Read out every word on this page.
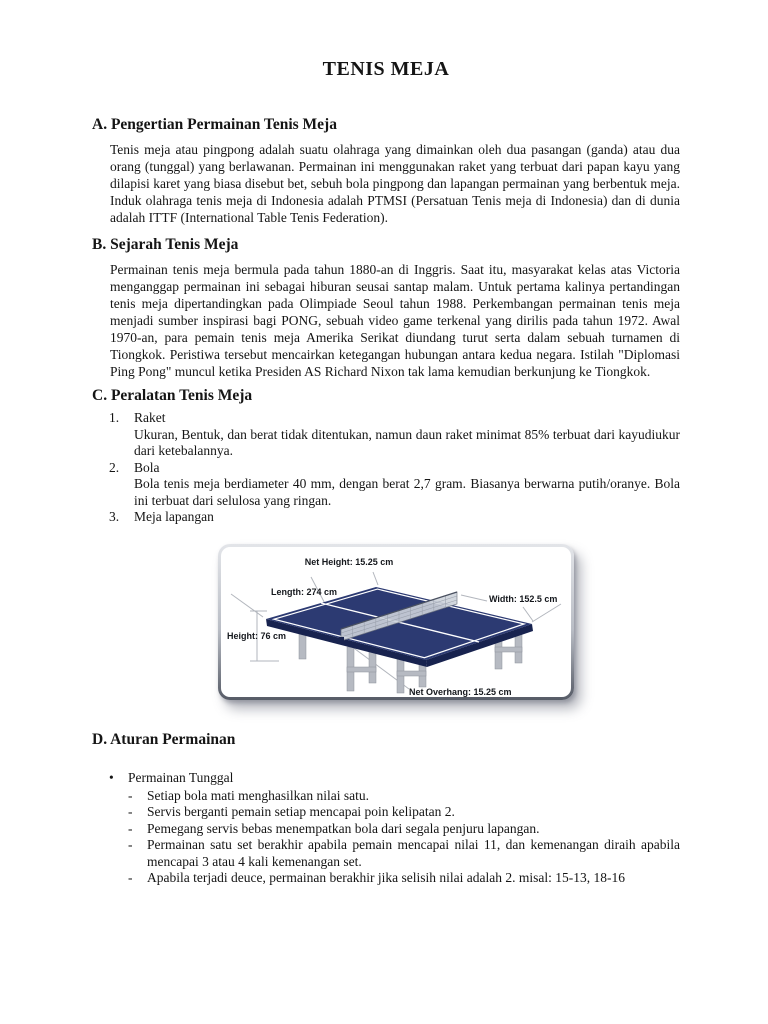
TENIS MEJA
A. Pengertian Permainan Tenis Meja

Tenis meja atau pingpong adalah suatu olahraga yang dimainkan oleh dua pasangan (ganda) atau dua orang (tunggal) yang berlawanan. Permainan ini menggunakan raket yang terbuat dari papan kayu yang dilapisi karet yang biasa disebut bet, sebuh bola pingpong dan lapangan permainan yang berbentuk meja. Induk olahraga tenis meja di Indonesia adalah PTMSI (Persatuan Tenis meja di Indonesia) dan di dunia adalah ITTF (International Table Tenis Federation).

B. Sejarah Tenis Meja

Permainan tenis meja bermula pada tahun 1880-an di Inggris. Saat itu, masyarakat kelas atas Victoria menganggap permainan ini sebagai hiburan seusai santap malam. Untuk pertama kalinya pertandingan tenis meja dipertandingkan pada Olimpiade Seoul tahun 1988. Perkembangan permainan tenis meja menjadi sumber inspirasi bagi PONG, sebuah video game terkenal yang dirilis pada tahun 1972. Awal 1970-an, para pemain tenis meja Amerika Serikat diundang turut serta dalam sebuah turnamen di Tiongkok. Peristiwa tersebut mencairkan ketegangan hubungan antara kedua negara. Istilah "Diplomasi Ping Pong" muncul ketika Presiden AS Richard Nixon tak lama kemudian berkunjung ke Tiongkok.

C. Peralatan Tenis Meja
1.	Raket
Ukuran, Bentuk, dan berat tidak ditentukan, namun daun raket minimat 85% terbuat dari kayudiukur dari ketebalannya.
2.	Bola
Bola tenis meja berdiameter 40 mm, dengan berat 2,7 gram. Biasanya berwarna putih/oranye. Bola ini terbuat dari selulosa yang ringan.
3.	Meja lapangan
Net Height: 15.25 cm
Length: 274 cm
Width: 152.5 cm
Height: 76 cm
Net Overhang: 15.25 cm
D. Aturan Permainan
•	Permainan Tunggal
-	Setiap bola mati menghasilkan nilai satu.
-	Servis berganti pemain setiap mencapai poin kelipatan 2.
-	Pemegang servis bebas menempatkan bola dari segala penjuru lapangan.
-	Permainan satu set berakhir apabila pemain mencapai nilai 11, dan kemenangan diraih apabila mencapai 3 atau 4 kali kemenangan set.
-	Apabila terjadi deuce, permainan berakhir jika selisih nilai adalah 2. misal: 15-13, 18-16
